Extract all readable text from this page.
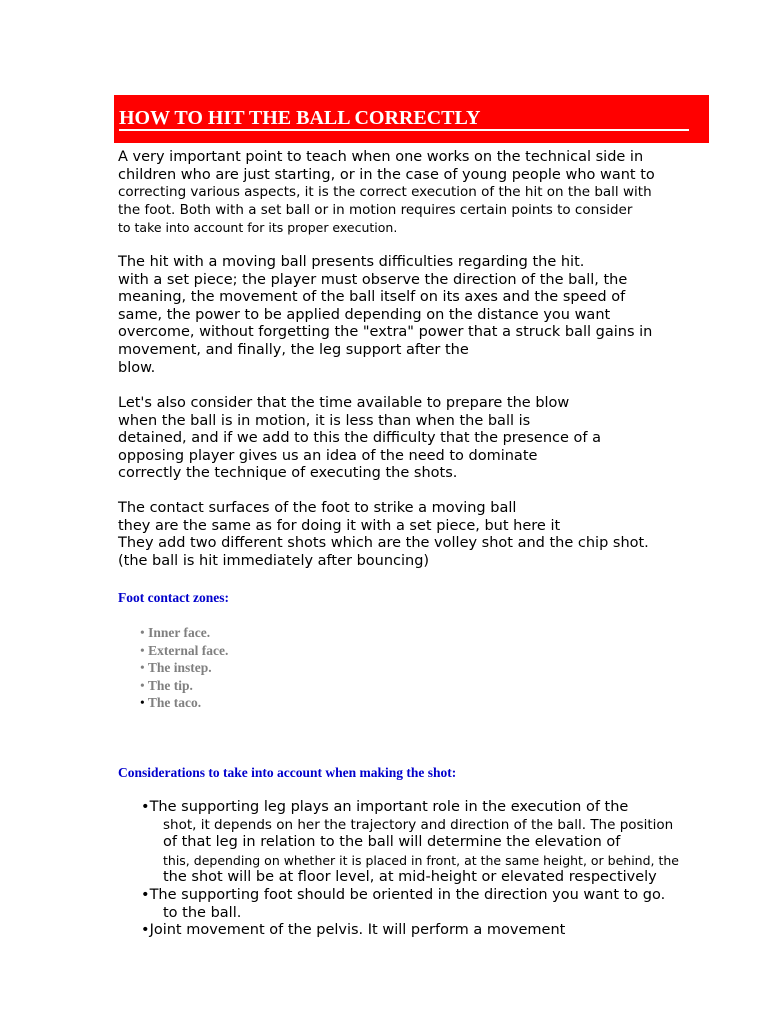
HOW TO HIT THE BALL CORRECTLY
A very important point to teach when one works on the technical side in
children who are just starting, or in the case of young people who want to
correcting various aspects, it is the correct execution of the hit on the ball with
the foot. Both with a set ball or in motion requires certain points to consider
to take into account for its proper execution.
The hit with a moving ball presents difficulties regarding the hit.
with a set piece; the player must observe the direction of the ball, the
meaning, the movement of the ball itself on its axes and the speed of
same, the power to be applied depending on the distance you want
overcome, without forgetting the "extra" power that a struck ball gains in
movement, and finally, the leg support after the
blow.
Let's also consider that the time available to prepare the blow
when the ball is in motion, it is less than when the ball is
detained, and if we add to this the difficulty that the presence of a
opposing player gives us an idea of the need to dominate
correctly the technique of executing the shots.
The contact surfaces of the foot to strike a moving ball
they are the same as for doing it with a set piece, but here it
They add two different shots which are the volley shot and the chip shot.
(the ball is hit immediately after bouncing)
Foot contact zones:
• Inner face.
• External face.
• The instep.
• The tip.
• The taco.
Considerations to take into account when making the shot:
•The supporting leg plays an important role in the execution of the
shot, it depends on her the trajectory and direction of the ball. The position
of that leg in relation to the ball will determine the elevation of
this, depending on whether it is placed in front, at the same height, or behind, the
the shot will be at floor level, at mid-height or elevated respectively
•The supporting foot should be oriented in the direction you want to go.
to the ball.
•Joint movement of the pelvis. It will perform a movement
